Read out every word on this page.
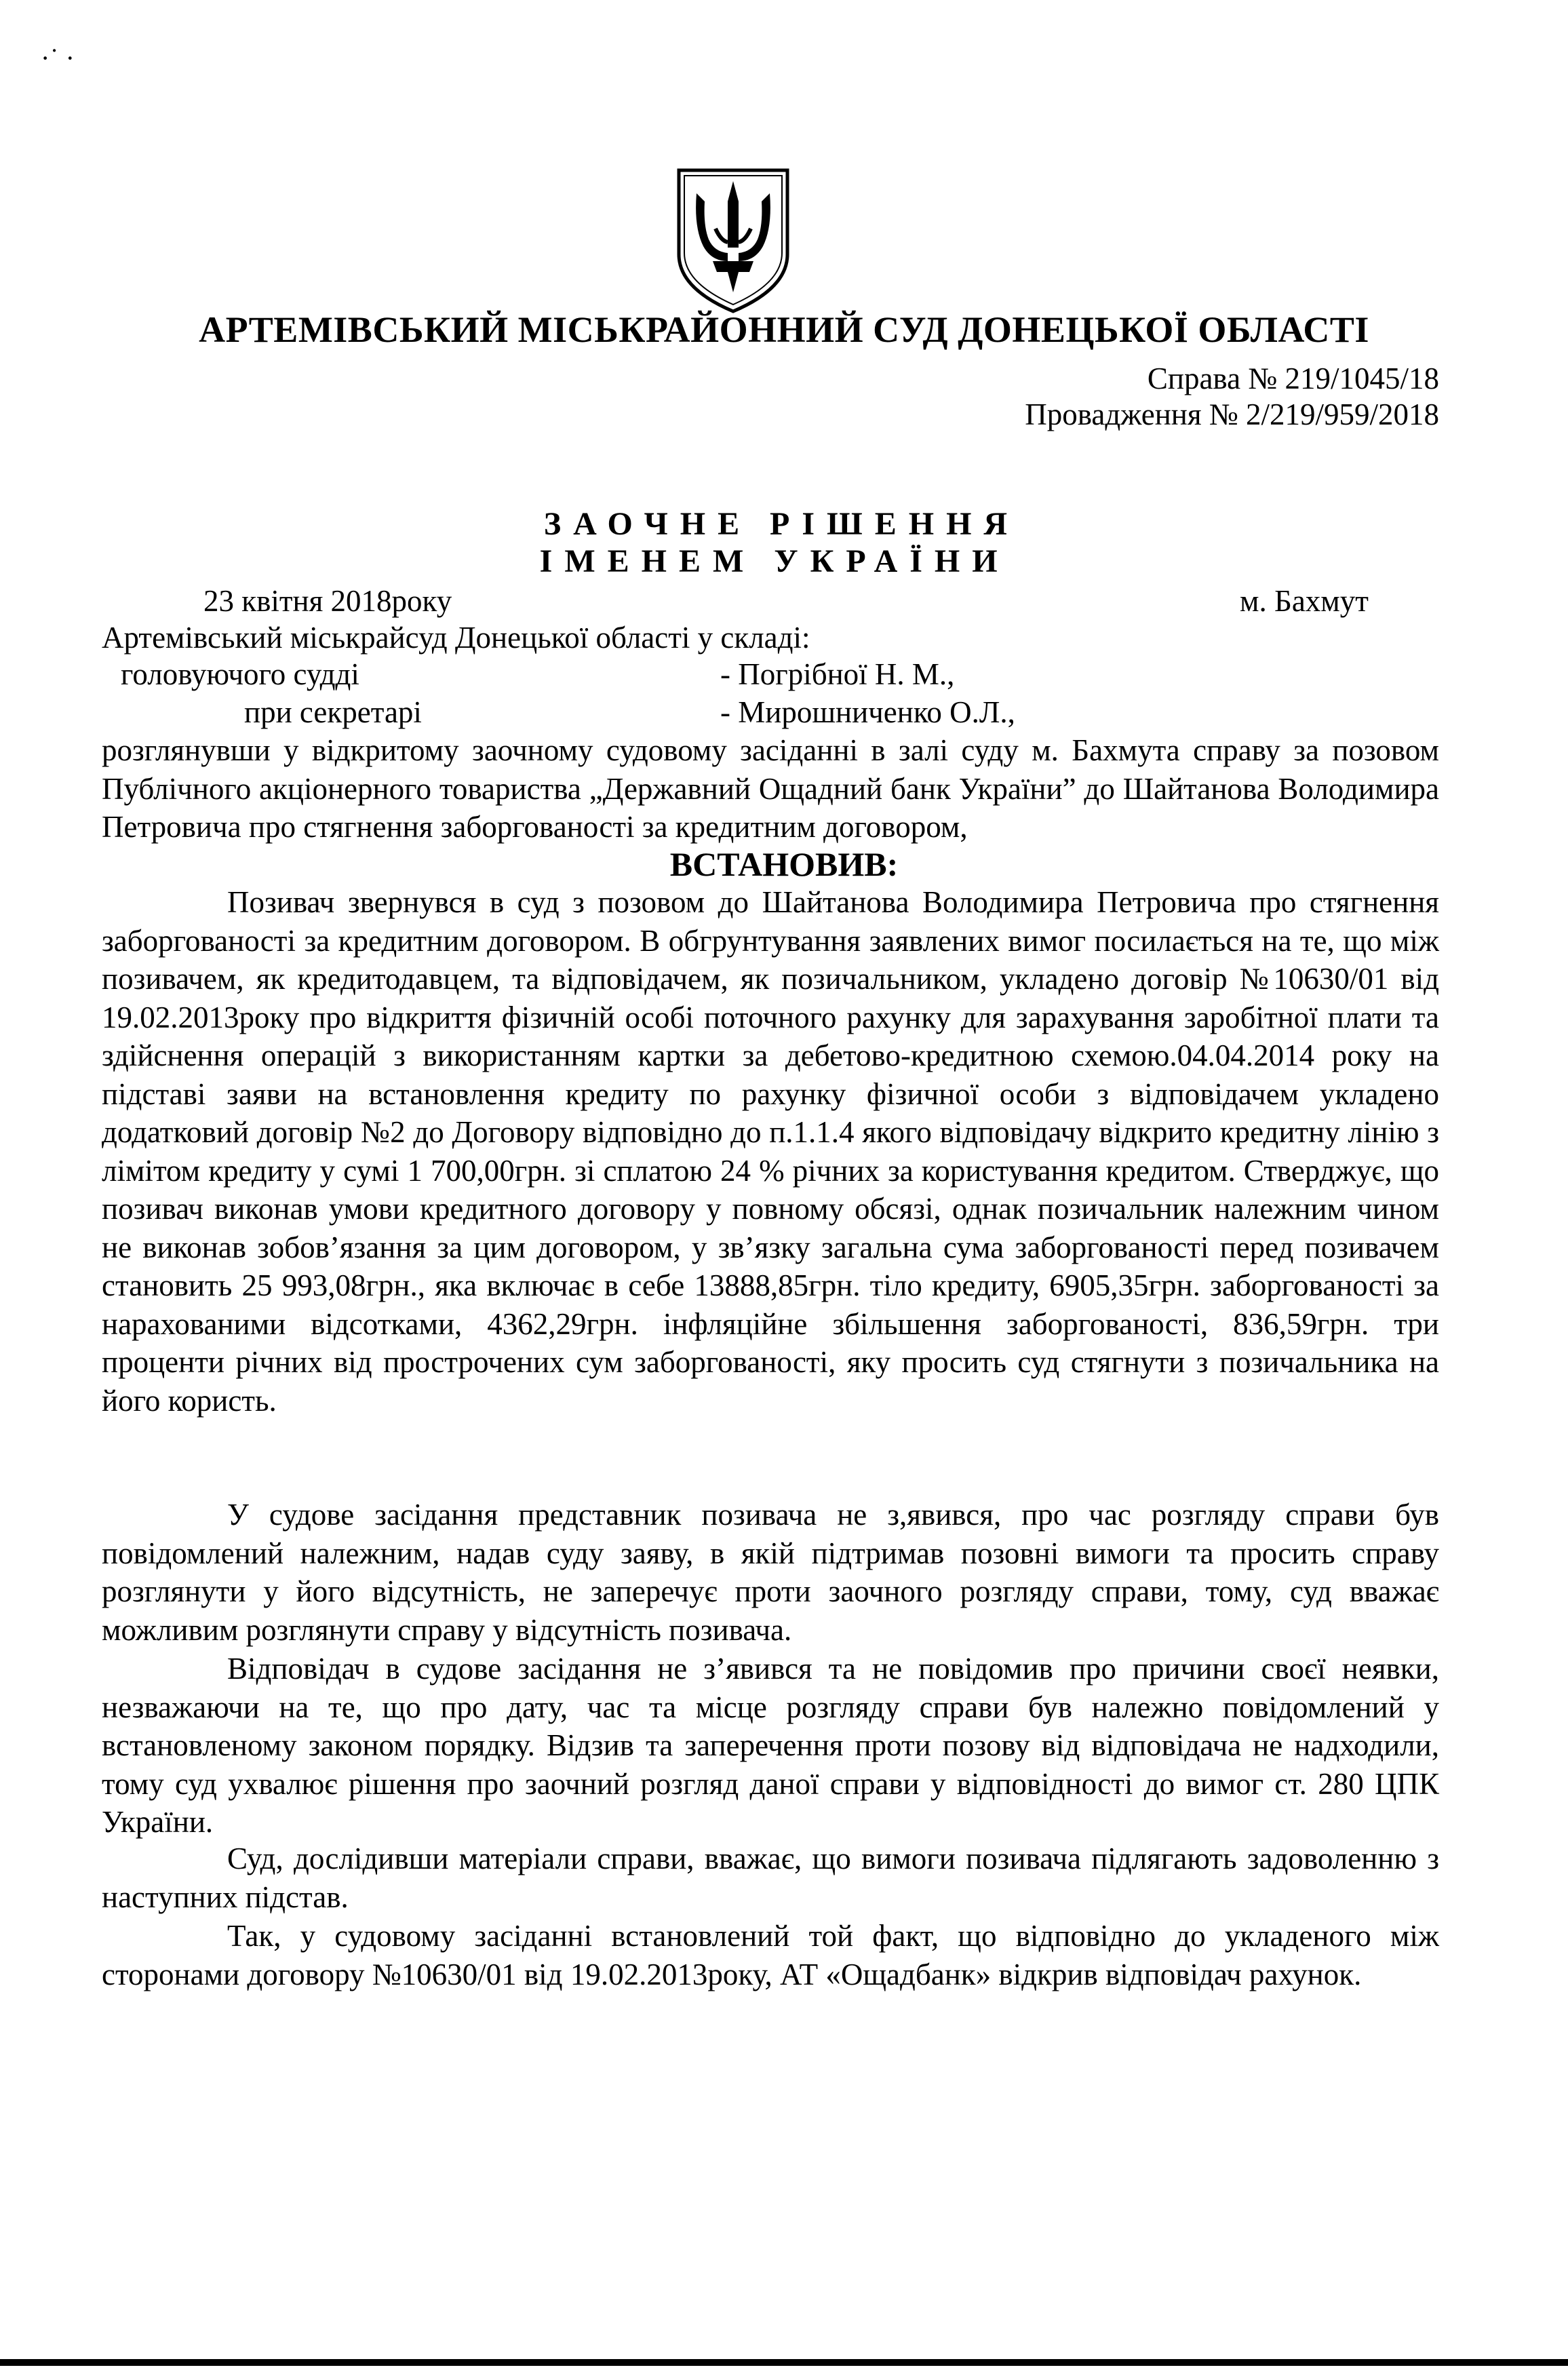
·˙ ·
АРТЕМІВСЬКИЙ МІСЬКРАЙОННИЙ СУД ДОНЕЦЬКОЇ ОБЛАСТІ
Справа № 219/1045/18
Провадження № 2/219/959/2018
ЗАОЧНЕ РІШЕННЯ
ІМЕНЕМ УКРАЇНИ
23 квітня 2018року	м. Бахмут
Артемівський міськрайсуд Донецької області у складі:
головуючого судді	- Погрібної Н. М.,
при секретарі	- Мирошниченко О.Л.,
розглянувши у відкритому заочному судовому засіданні в залі суду м. Бахмута справу за позовом Публічного акціонерного товариства „Державний Ощадний банк України” до Шайтанова Володимира Петровича про стягнення заборгованості за кредитним договором,
ВСТАНОВИВ:
Позивач звернувся в суд з позовом до Шайтанова Володимира Петровича про стягнення заборгованості за кредитним договором. В обгрунтування заявлених вимог посилається на те, що між позивачем, як кредитодавцем, та відповідачем, як позичальником, укладено договір №10630/01 від 19.02.2013року про відкриття фізичній особі поточного рахунку для зарахування заробітної плати та здійснення операцій з використанням картки за дебетово-кредитною схемою.04.04.2014 року на підставі заяви на встановлення кредиту по рахунку фізичної особи з відповідачем укладено додатковий договір №2 до Договору відповідно до п.1.1.4 якого відповідачу відкрито кредитну лінію з лімітом кредиту у сумі 1 700,00грн. зі сплатою 24 % річних за користування кредитом. Стверджує, що позивач виконав умови кредитного договору у повному обсязі, однак позичальник належним чином не виконав зобов’язання за цим договором, у зв’язку загальна сума заборгованості перед позивачем становить 25 993,08грн., яка включає в себе 13888,85грн. тіло кредиту, 6905,35грн. заборгованості за нарахованими відсотками, 4362,29грн. інфляційне збільшення заборгованості, 836,59грн. три проценти річних від прострочених сум заборгованості, яку просить суд стягнути з позичальника на його користь.
У судове засідання представник позивача не з,явився, про час розгляду справи був повідомлений належним, надав суду заяву, в якій підтримав позовні вимоги та просить справу розглянути у його відсутність, не заперечує проти заочного розгляду справи, тому, суд вважає можливим розглянути справу у відсутність позивача.
Відповідач в судове засідання не з’явився та не повідомив про причини своєї неявки, незважаючи на те, що про дату, час та місце розгляду справи був належно повідомлений у встановленому законом порядку. Відзив та заперечення проти позову від відповідача не надходили, тому суд ухвалює рішення про заочний розгляд даної справи у відповідності до вимог ст. 280 ЦПК України.
Суд, дослідивши матеріали справи, вважає, що вимоги позивача підлягають задоволенню з наступних підстав.
Так, у судовому засіданні встановлений той факт, що відповідно до укладеного між сторонами договору №10630/01 від 19.02.2013року, АТ «Ощадбанк» відкрив відповідач рахунок.
